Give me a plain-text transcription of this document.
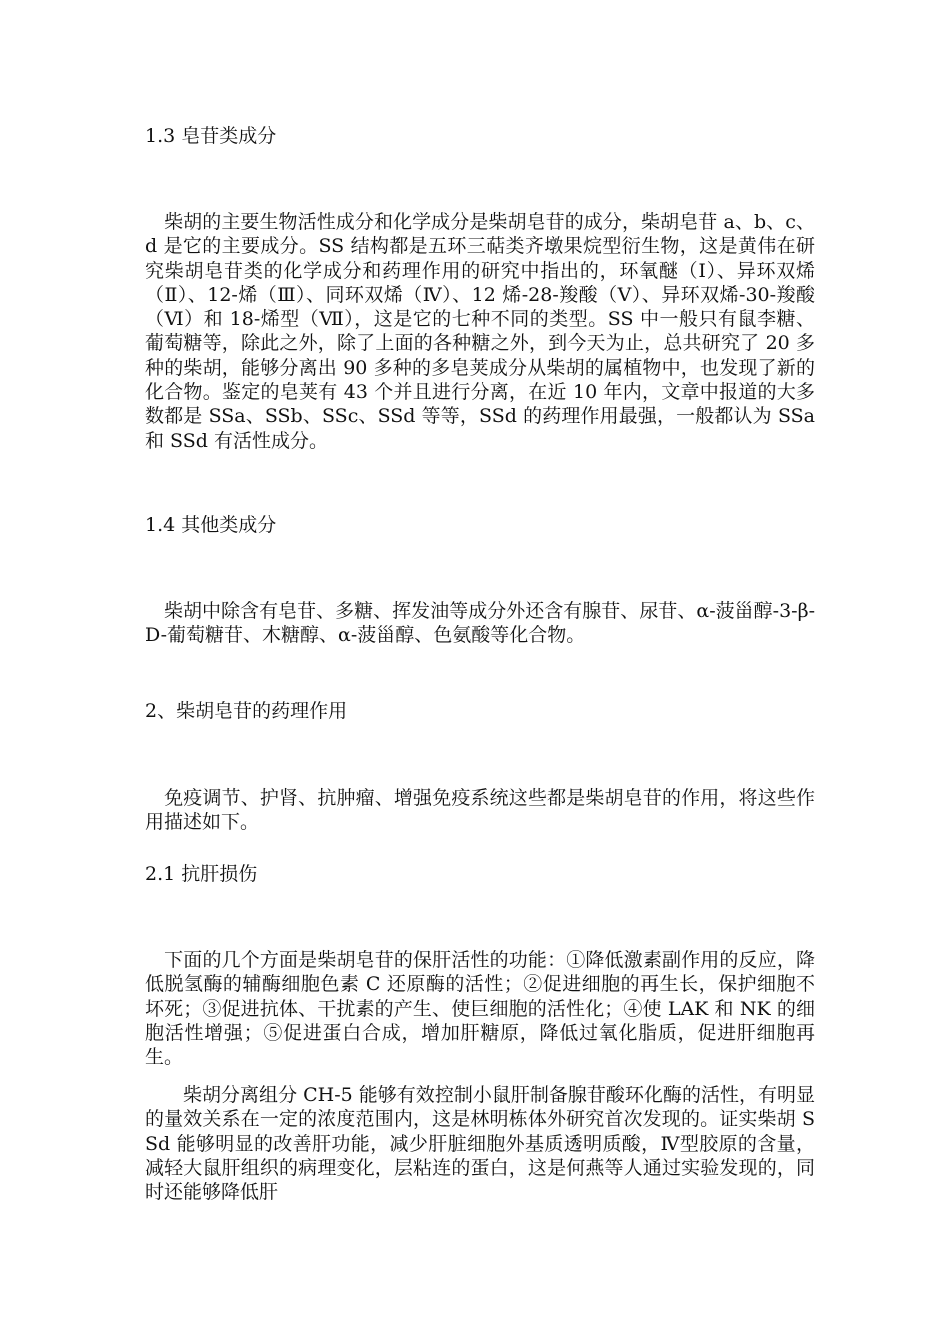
1.3 皂苷类成分
　柴胡的主要生物活性成分和化学成分是柴胡皂苷的成分，柴胡皂苷 a、b、c、d 是它的主要成分。SS 结构都是五环三萜类齐墩果烷型衍生物，这是黄伟在研究柴胡皂苷类的化学成分和药理作用的研究中指出的，环氧醚（Ⅰ）、异环双烯（Ⅱ）、12-烯（Ⅲ）、同环双烯（Ⅳ）、12 烯-28-羧酸（Ⅴ）、异环双烯-30-羧酸（Ⅵ）和 18-烯型（Ⅶ），这是它的七种不同的类型。SS 中一般只有鼠李糖、葡萄糖等，除此之外，除了上面的各种糖之外，到今天为止，总共研究了 20 多种的柴胡，能够分离出 90 多种的多皂荚成分从柴胡的属植物中，也发现了新的化合物。鉴定的皂荚有 43 个并且进行分离，在近 10 年内，文章中报道的大多数都是 SSa、SSb、SSc、SSd 等等，SSd 的药理作用最强，一般都认为 SSa 和 SSd 有活性成分。
1.4 其他类成分
　柴胡中除含有皂苷、多糖、挥发油等成分外还含有腺苷、尿苷、α-菠甾醇-3-β-D-葡萄糖苷、木糖醇、α-菠甾醇、色氨酸等化合物。
2、柴胡皂苷的药理作用
　免疫调节、护肾、抗肿瘤、增强免疫系统这些都是柴胡皂苷的作用，将这些作用描述如下。
2.1 抗肝损伤
　下面的几个方面是柴胡皂苷的保肝活性的功能：①降低激素副作用的反应，降低脱氢酶的辅酶细胞色素 C 还原酶的活性；②促进细胞的再生长，保护细胞不坏死；③促进抗体、干扰素的产生、使巨细胞的活性化；④使 LAK 和 NK 的细胞活性增强；⑤促进蛋白合成，增加肝糖原，降低过氧化脂质，促进肝细胞再生。
　　柴胡分离组分 CH-5 能够有效控制小鼠肝制备腺苷酸环化酶的活性，有明显的量效关系在一定的浓度范围内，这是林明栋体外研究首次发现的。证实柴胡 SSd 能够明显的改善肝功能，减少肝脏细胞外基质透明质酸，Ⅳ型胶原的含量，减轻大鼠肝组织的病理变化，层粘连的蛋白，这是何燕等人通过实验发现的，同时还能够降低肝
